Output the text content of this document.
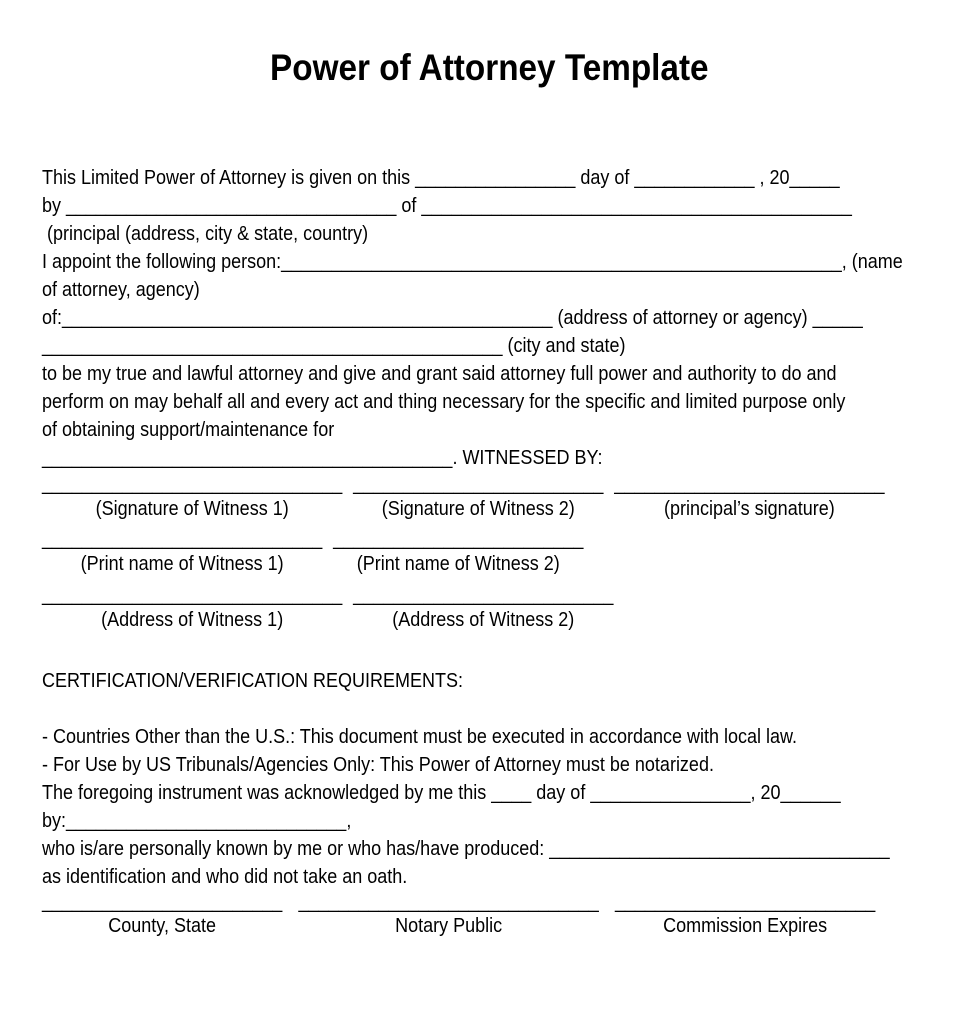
Power of Attorney Template
This Limited Power of Attorney is given on this ________________ day of ____________ , 20_____
by _________________________________ of ___________________________________________
(principal (address, city & state, country)
I appoint the following person:________________________________________________________, (name
of attorney, agency)
of:_________________________________________________ (address of attorney or agency) _____
______________________________________________ (city and state)
to be my true and lawful attorney and give and grant said attorney full power and authority to do and
perform on may behalf all and every act and thing necessary for the specific and limited purpose only
of obtaining support/maintenance for
_________________________________________. WITNESSED BY:
______________________________
(Signature of Witness 1)
_________________________
(Signature of Witness 2)
___________________________
(principal’s signature)
____________________________
(Print name of Witness 1)
_________________________
(Print name of Witness 2)
______________________________
(Address of Witness 1)
__________________________
(Address of Witness 2)
CERTIFICATION/VERIFICATION REQUIREMENTS:
- Countries Other than the U.S.: This document must be executed in accordance with local law.
- For Use by US Tribunals/Agencies Only: This Power of Attorney must be notarized.
The foregoing instrument was acknowledged by me this ____ day of ________________, 20______
by:____________________________,
who is/are personally known by me or who has/have produced: __________________________________
as identification and who did not take an oath.
________________________
County, State
______________________________
Notary Public
__________________________
Commission Expires
